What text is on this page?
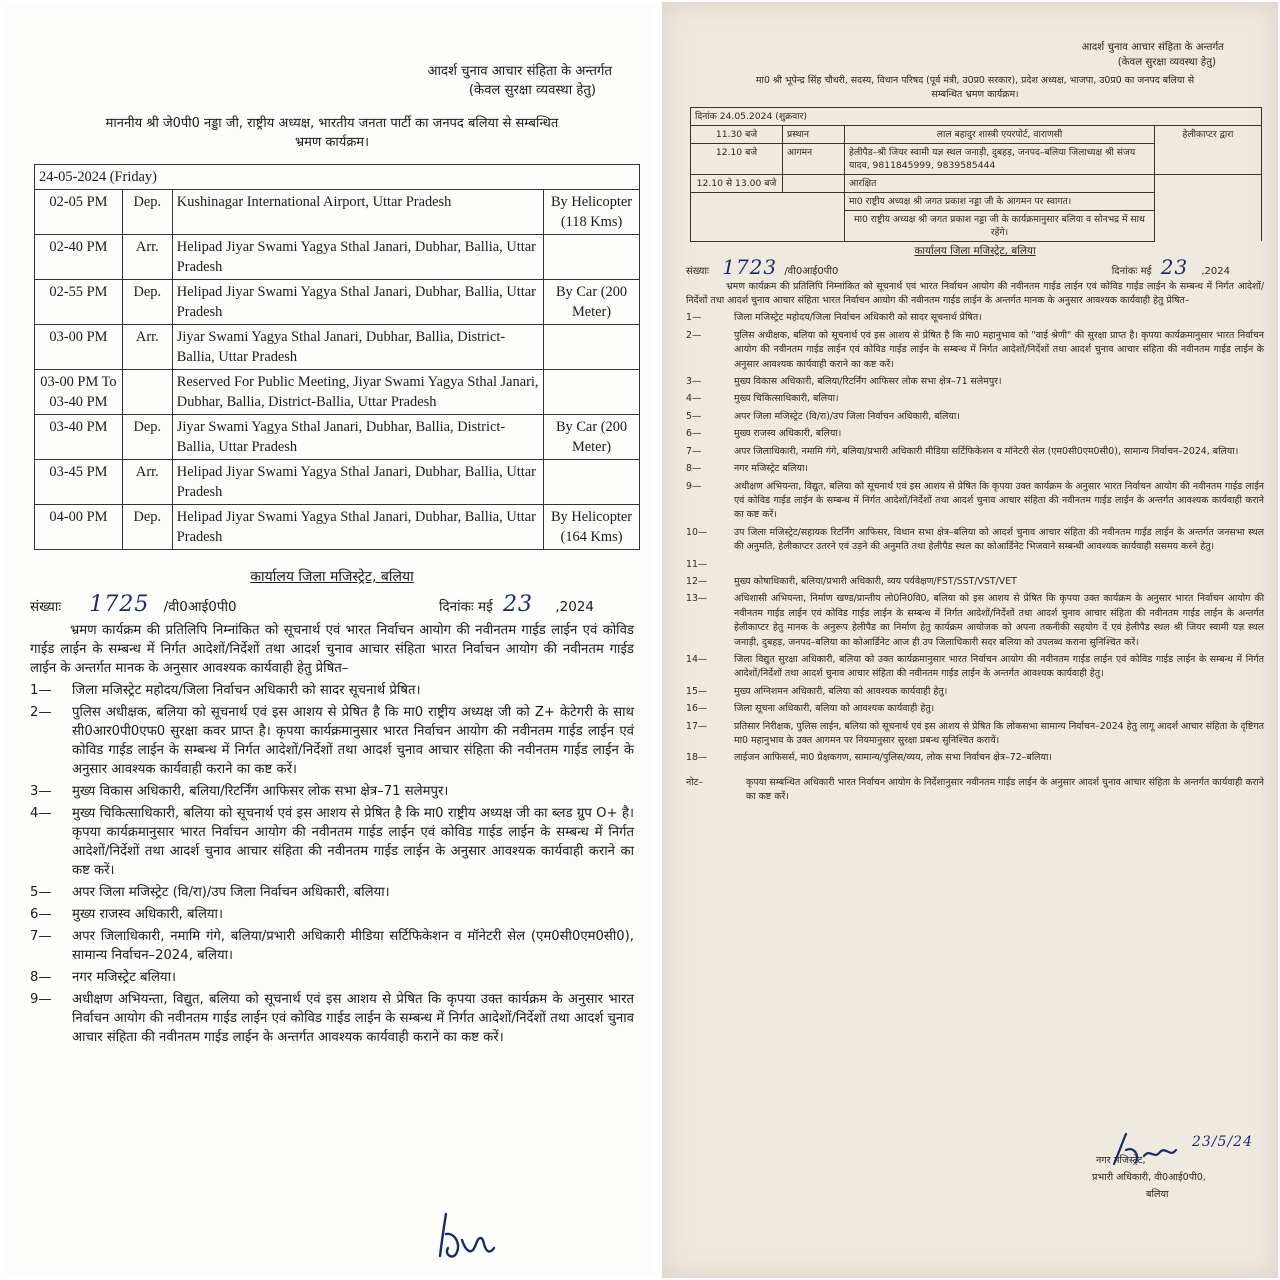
आदर्श चुनाव आचार संहिता के अन्तर्गत
(केवल सुरक्षा व्यवस्था हेतु)
माननीय श्री जे0पी0 नड्डा जी, राष्ट्रीय अध्यक्ष, भारतीय जनता पार्टी का जनपद बलिया से सम्बन्धित
भ्रमण कार्यक्रम।
24-05-2024 (Friday)			
02-05 PM	Dep.	Kushinagar International Airport, Uttar Pradesh	By Helicopter (118 Kms)
02-40 PM	Arr.	Helipad Jiyar Swami Yagya Sthal Janari, Dubhar, Ballia, Uttar Pradesh	
02-55 PM	Dep.	Helipad Jiyar Swami Yagya Sthal Janari, Dubhar, Ballia, Uttar Pradesh	By Car (200 Meter)
03-00 PM	Arr.	Jiyar Swami Yagya Sthal Janari, Dubhar, Ballia, District-Ballia, Uttar Pradesh	
03-00 PM To 03-40 PM		Reserved For Public Meeting, Jiyar Swami Yagya Sthal Janari, Dubhar, Ballia, District-Ballia, Uttar Pradesh	
03-40 PM	Dep.	Jiyar Swami Yagya Sthal Janari, Dubhar, Ballia, District-Ballia, Uttar Pradesh	By Car (200 Meter)
03-45 PM	Arr.	Helipad Jiyar Swami Yagya Sthal Janari, Dubhar, Ballia, Uttar Pradesh	
04-00 PM	Dep.	Helipad Jiyar Swami Yagya Sthal Janari, Dubhar, Ballia, Uttar Pradesh	By Helicopter (164 Kms)
कार्यालय जिला मजिस्ट्रेट, बलिया
संख्याः 1725 /वी0आई0पी0	दिनांकः मई 23 ,2024
भ्रमण कार्यक्रम की प्रतिलिपि निम्नांकित को सूचनार्थ एवं भारत निर्वाचन आयोग की नवीनतम गाईड लाईन एवं कोविड गाईड लाईन के सम्बन्ध में निर्गत आदेशों/निर्देशों तथा आदर्श चुनाव आचार संहिता भारत निर्वाचन आयोग की नवीनतम गाईड लाईन के अन्तर्गत मानक के अनुसार आवश्यक कार्यवाही हेतु प्रेषित–
1—	जिला मजिस्ट्रेट महोदय/जिला निर्वाचन अधिकारी को सादर सूचनार्थ प्रेषित।
2—	पुलिस अधीक्षक, बलिया को सूचनार्थ एवं इस आशय से प्रेषित है कि मा0 राष्ट्रीय अध्यक्ष जी को Z+ केटेगरी के साथ सी0आर0पी0एफ0 सुरक्षा कवर प्राप्त है। कृपया कार्यक्रमानुसार भारत निर्वाचन आयोग की नवीनतम गाईड लाईन एवं कोविड गाईड लाईन के सम्बन्ध में निर्गत आदेशों/निर्देशों तथा आदर्श चुनाव आचार संहिता की नवीनतम गाईड लाईन के अनुसार आवश्यक कार्यवाही कराने का कष्ट करें।
3—	मुख्य विकास अधिकारी, बलिया/रिटर्निंग आफिसर लोक सभा क्षेत्र–71 सलेमपुर।
4—	मुख्य चिकित्साधिकारी, बलिया को सूचनार्थ एवं इस आशय से प्रेषित है कि मा0 राष्ट्रीय अध्यक्ष जी का ब्लड ग्रुप O+ है। कृपया कार्यक्रमानुसार भारत निर्वाचन आयोग की नवीनतम गाईड लाईन एवं कोविड गाईड लाईन के सम्बन्ध में निर्गत आदेशों/निर्देशों तथा आदर्श चुनाव आचार संहिता की नवीनतम गाईड लाईन के अनुसार आवश्यक कार्यवाही कराने का कष्ट करें।
5—	अपर जिला मजिस्ट्रेट (वि/रा)/उप जिला निर्वाचन अधिकारी, बलिया।
6—	मुख्य राजस्व अधिकारी, बलिया।
7—	अपर जिलाधिकारी, नमामि गंगे, बलिया/प्रभारी अधिकारी मीडिया सर्टिफिकेशन व मॉनेटरी सेल (एम0सी0एम0सी0), सामान्य निर्वाचन–2024, बलिया।
8—	नगर मजिस्ट्रेट बलिया।
9—	अधीक्षण अभियन्ता, विद्युत, बलिया को सूचनार्थ एवं इस आशय से प्रेषित कि कृपया उक्त कार्यक्रम के अनुसार भारत निर्वाचन आयोग की नवीनतम गाईड लाईन एवं कोविड गाईड लाईन के सम्बन्ध में निर्गत आदेशों/निर्देशों तथा आदर्श चुनाव आचार संहिता की नवीनतम गाईड लाईन के अन्तर्गत आवश्यक कार्यवाही कराने का कष्ट करें।
आदर्श चुनाव आचार संहिता के अन्तर्गत
(केवल सुरक्षा व्यवस्था हेतु)
मा0 श्री भूपेन्द्र सिंह चौधरी, सदस्य, विधान परिषद (पूर्व मंत्री, उ0प्र0 सरकार), प्रदेश अध्यक्ष, भाजपा, उ0प्र0 का जनपद बलिया से
सम्बन्धित भ्रमण कार्यक्रम।
दिनांक 24.05.2024 (शुक्रवार)			
11.30 बजे	प्रस्थान	लाल बहादुर शास्त्री एयरपोर्ट, वाराणसी	हेलीकाप्टर द्वारा
12.10 बजे	आगमन	हेलीपैड–श्री जियर स्वामी यज्ञ स्थल जनाड़ी, दुबहड़, जनपद–बलिया जिलाध्यक्ष श्री संजय यादव, 9811845999, 9839585444	
12.10 से 13.00 बजे		आरक्षित	
		मा0 राष्ट्रीय अध्यक्ष श्री जगत प्रकाश नड्डा जी के आगमन पर स्वागत।	
		मा0 राष्ट्रीय अध्यक्ष श्री जगत प्रकाश नड्डा जी के कार्यक्रमानुसार बलिया व सोनभद्र में साथ रहेंगे।	
कार्यालय जिला मजिस्ट्रेट, बलिया
संख्याः 1723 /वी0आई0पी0	दिनांकः मई 23 ,2024
भ्रमण कार्यक्रम की प्रतिलिपि निम्नांकित को सूचनार्थ एवं भारत निर्वाचन आयोग की नवीनतम गाईड लाईन एवं कोविड गाईड लाईन के सम्बन्ध में निर्गत आदेशों/निर्देशों तथा आदर्श चुनाव आचार संहिता भारत निर्वाचन आयोग की नवीनतम गाईड लाईन के अन्तर्गत मानक के अनुसार आवश्यक कार्यवाही हेतु प्रेषित–
1—	जिला मजिस्ट्रेट महोदय/जिला निर्वाचन अधिकारी को सादर सूचनार्थ प्रेषित।
2—	पुलिस अधीक्षक, बलिया को सूचनार्थ एवं इस आशय से प्रेषित है कि मा0 महानुभाव को "वाई श्रेणी" की सुरक्षा प्राप्त है। कृपया कार्यक्रमानुसार भारत निर्वाचन आयोग की नवीनतम गाईड लाईन एवं कोविड गाईड लाईन के सम्बन्ध में निर्गत आदेशों/निर्देशों तथा आदर्श चुनाव आचार संहिता की नवीनतम गाईड लाईन के अनुसार आवश्यक कार्यवाही कराने का कष्ट करें।
3—	मुख्य विकास अधिकारी, बलिया/रिटर्निंग आफिसर लोक सभा क्षेत्र–71 सलेमपुर।
4—	मुख्य चिकित्साधिकारी, बलिया।
5—	अपर जिला मजिस्ट्रेट (वि/रा)/उप जिला निर्वाचन अधिकारी, बलिया।
6—	मुख्य राजस्व अधिकारी, बलिया।
7—	अपर जिलाधिकारी, नमामि गंगे, बलिया/प्रभारी अधिकारी मीडिया सर्टिफिकेशन व मॉनेटरी सेल (एम0सी0एम0सी0), सामान्य निर्वाचन–2024, बलिया।
8—	नगर मजिस्ट्रेट बलिया।
9—	अधीक्षण अभियन्ता, विद्युत, बलिया को सूचनार्थ एवं इस आशय से प्रेषित कि कृपया उक्त कार्यक्रम के अनुसार भारत निर्वाचन आयोग की नवीनतम गाईड लाईन एवं कोविड गाईड लाईन के सम्बन्ध में निर्गत आदेशों/निर्देशों तथा आदर्श चुनाव आचार संहिता की नवीनतम गाईड लाईन के अन्तर्गत आवश्यक कार्यवाही कराने का कष्ट करें।
10—	उप जिला मजिस्ट्रेट/सहायक रिटर्निंग आफिसर, विधान सभा क्षेत्र–बलिया को आदर्श चुनाव आचार संहिता की नवीनतम गाईड लाईन के अन्तर्गत जनसभा स्थल की अनुमति, हेलीकाप्टर उतरने एवं उड़ने की अनुमति तथा हेलीपैड स्थल का कोआर्डिनेट भिजवाने सम्बन्धी आवश्यक कार्यवाही ससमय करने हेतु।
11—
12—	मुख्य कोषाधिकारी, बलिया/प्रभारी अधिकारी, व्यय पर्यवेक्षण/FST/SST/VST/VET
13—	अधिशासी अभियन्ता, निर्माण खण्ड/प्रान्तीय लो0नि0वि0, बलिया को इस आशय से प्रेषित कि कृपया उक्त कार्यक्रम के अनुसार भारत निर्वाचन आयोग की नवीनतम गाईड लाईन एवं कोविड गाईड लाईन के सम्बन्ध में निर्गत आदेशों/निर्देशों तथा आदर्श चुनाव आचार संहिता की नवीनतम गाईड लाईन के अन्तर्गत हेलीकाप्टर हेतु मानक के अनुरूप हेलीपैड का निर्माण हेतु कार्यक्रम आयोजक को अपना तकनीकी सहयोग दें एवं हेलीपैड स्थल श्री जियर स्वामी यज्ञ स्थल जनाड़ी, दुबहड़, जनपद–बलिया का कोआर्डिनेट आज ही उप जिलाधिकारी सदर बलिया को उपलब्ध कराना सुनिश्चित करें।
14—	जिला विद्युत सुरक्षा अधिकारी, बलिया को उक्त कार्यक्रमानुसार भारत निर्वाचन आयोग की नवीनतम गाईड लाईन एवं कोविड गाईड लाईन के सम्बन्ध में निर्गत आदेशों/निर्देशों तथा आदर्श चुनाव आचार संहिता की नवीनतम गाईड लाईन के अन्तर्गत आवश्यक कार्यवाही हेतु।
15—	मुख्य अग्निशमन अधिकारी, बलिया को आवश्यक कार्यवाही हेतु।
16—	जिला सूचना अधिकारी, बलिया को आवश्यक कार्यवाही हेतु।
17—	प्रतिसार निरीक्षक, पुलिस लाईन, बलिया को सूचनार्थ एवं इस आशय से प्रेषित कि लोकसभा सामान्य निर्वाचन–2024 हेतु लागू आदर्श आचार संहिता के दृष्टिगत मा0 महानुभाव के उक्त आगमन पर नियमानुसार सुरक्षा प्रबन्ध सुनिश्चित करायें।
18—	लाईजन आफिसर्स, मा0 प्रेक्षकगण, सामान्य/पुलिस/व्यय, लोक सभा निर्वाचन क्षेत्र–72–बलिया।
नोट–	कृपया सम्बन्धित अधिकारी भारत निर्वाचन आयोग के निर्देशानुसार नवीनतम गाईड लाईन के अनुसार आदर्श चुनाव आचार संहिता के अन्तर्गत कार्यवाही कराने का कष्ट करें।
नगर मजिस्ट्रेट,
प्रभारी अधिकारी, वी0आई0पी0,
बलिया
23/5/24
